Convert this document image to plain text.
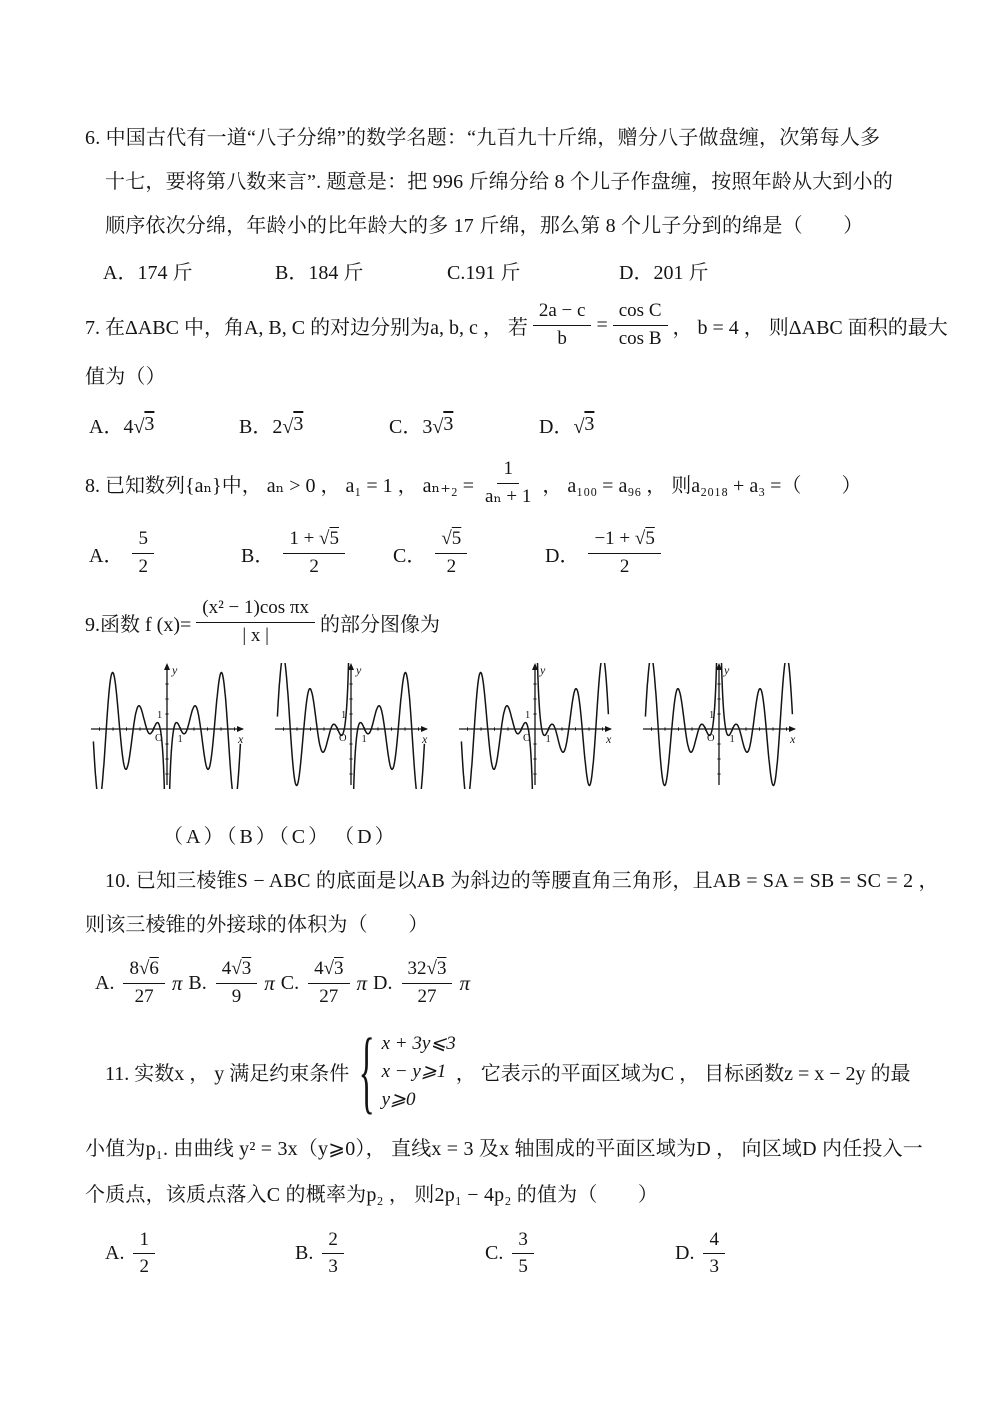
6. 中国古代有一道“八子分绵”的数学名题：“九百九十斤绵，赠分八子做盘缠，次第每人多
十七，要将第八数来言”. 题意是：把 996 斤绵分给 8 个儿子作盘缠，按照年龄从大到小的
顺序依次分绵，年龄小的比年龄大的多 17 斤绵，那么第 8 个儿子分到的绵是（　　）
A．174 斤	B．184 斤	C.191 斤	D．201 斤
7. 在ΔABC 中，角A, B, C 的对边分别为a, b, c ， 若 $\frac{2a - c}{b} = \frac{\text{cos C}}{\text{cos B}}$ ， b = 4 ， 则ΔABC 面积的最大
值为（）
A．4√ 3	B．2√ 3	C．3√ 3	D．√ 3
8. 已知数列{aₙ}中， aₙ > 0 ， a₁ = 1 ， $a_{n+2} = \frac{1}{\text{aₙ + 1}}$ ， a₁₀₀ = a₉₆ ， 则a₂₀₁₈ + a₃ =（　　）
A． $\frac{5}{2}$	B． $\frac{1 + √5}{2}$ C． $\frac{√5}{2}$	D． $\frac{-1 + √5}{2}$
9.函数 f $(x)= \frac{\text{(x² − 1)cos πx}}{| x |}$ 的部分图像为
y
x
1
O 1
y
x
1
O 1
y
x
1
O 1
y
x
1
O 1
（A）（B）（C）　（D）
10. 已知三棱锥S − ABC 的底面是以AB 为斜边的等腰直角三角形，且AB = SA = SB = SC = 2 ，
则该三棱锥的外接球的体积为（　　）
A. $\frac{8√6}{27}$ π B. $\frac{4√3}{9}$ π C. $\frac{4√3}{27}$ π D. $\frac{32√3}{27}$ π
11. 实数x ， y 满足约束条件 { x + 3y⩽3
x − y⩾1
y⩾0
， 它表示的平面区域为C ， 目标函数z = x − 2y 的最
小值为p₁. 由曲线 y² = 3x（y⩾0）， 直线x = 3 及x 轴围成的平面区域为D ， 向区域D 内任投入一
个质点，该质点落入C 的概率为p₂ ， 则2p₁ − 4p₂ 的值为（　　）
A. $\frac{1}{2}$	B. $\frac{2}{3}$	C. $\frac{3}{5}$	D. $\frac{4}{3}$
